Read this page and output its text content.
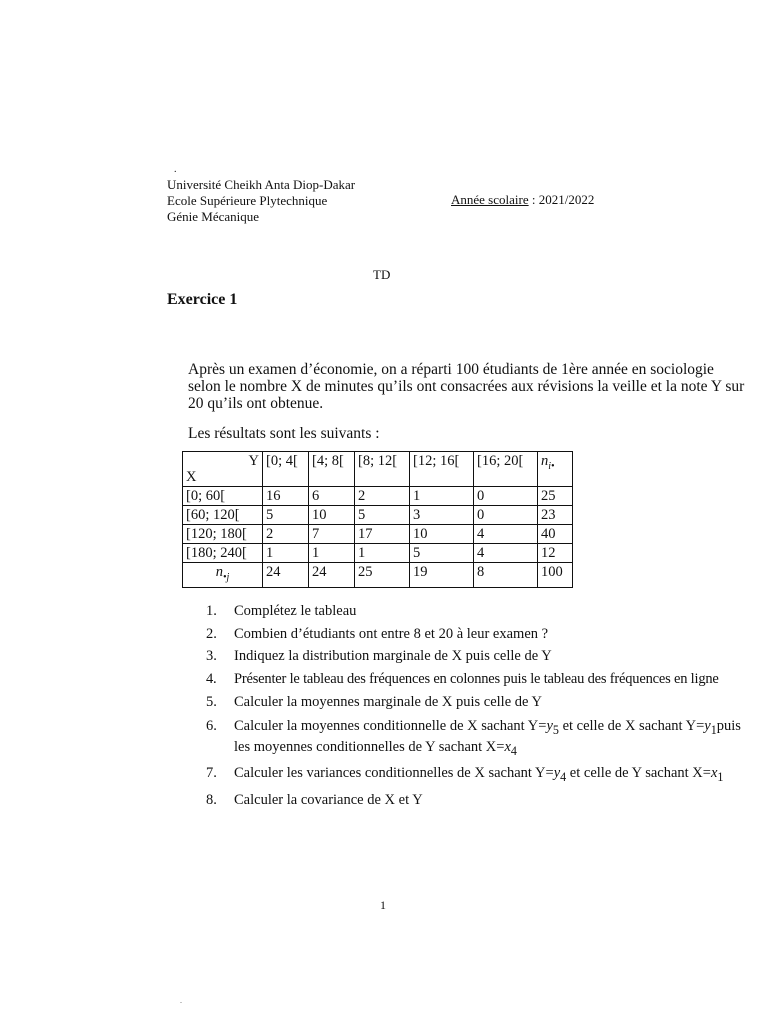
.
Université Cheikh Anta Diop-Dakar
Ecole Supérieure Plytechnique
Génie Mécanique
Année scolaire : 2021/2022
TD
Exercice 1
Après un examen d’économie, on a réparti 100 étudiants de 1ère année en sociologie selon le nombre X de minutes qu’ils ont consacrées aux révisions la veille et la note Y sur 20 qu’ils ont obtenue.
Les résultats sont les suivants :
Y
X	[0; 4[	[4; 8[	[8; 12[	[12; 16[	[16; 20[	$n_{i•}$
[0; 60[	16	6	2	1	0	25
[60; 120[	5	10	5	3	0	23
[120; 180[	2	7	17	10	4	40
[180; 240[	1	1	1	5	4	12
$n_{•j}$	24	24	25	19	8	100
1. Complétez le tableau
2. Combien d’étudiants ont entre 8 et 20 à leur examen ?
3. Indiquez la distribution marginale de X puis celle de Y
4. Présenter le tableau des fréquences en colonnes puis le tableau des fréquences en ligne
5. Calculer la moyennes marginale de X puis celle de Y
6. Calculer la moyennes conditionnelle de X sachant $Y=y_5$ et celle de X sachant $Y=y_1puis$ les moyennes conditionnelles de Y sachant $X=x_4$
7. Calculer les variances conditionnelles de X sachant $Y=y_4$ et celle de Y sachant $X=x_1$
8. Calculer la covariance de X et Y
1
.
